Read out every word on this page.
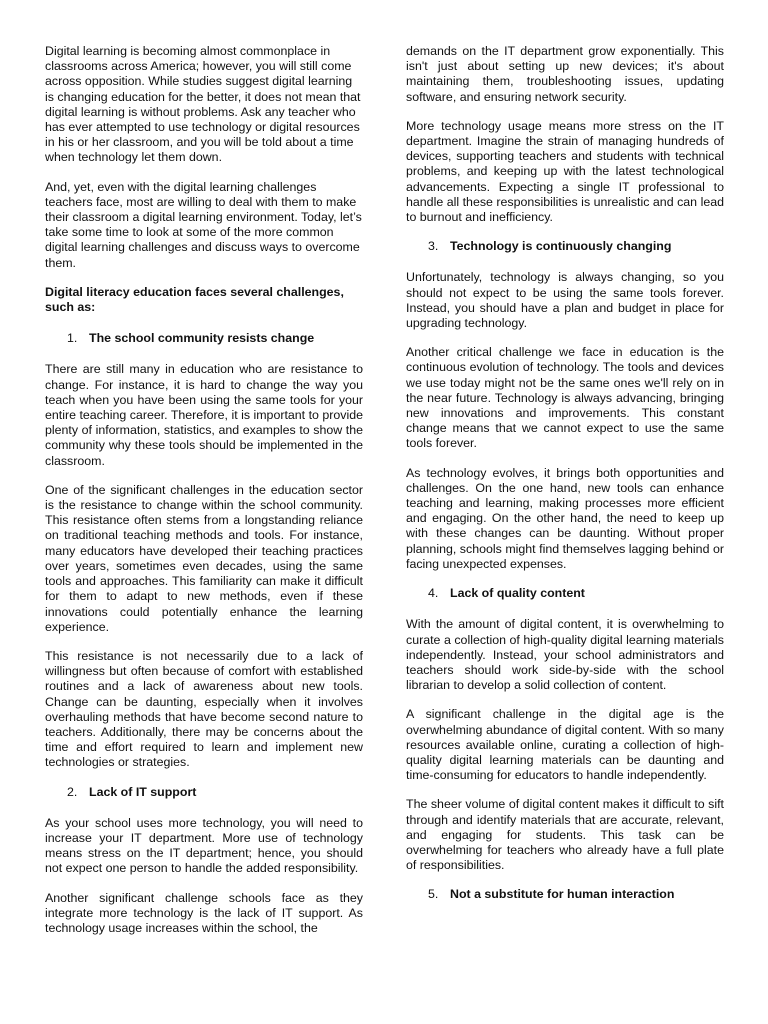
Digital learning is becoming almost commonplace in classrooms across America; however, you will still come across opposition. While studies suggest digital learning is changing education for the better, it does not mean that digital learning is without problems. Ask any teacher who has ever attempted to use technology or digital resources in his or her classroom, and you will be told about a time when technology let them down.

And, yet, even with the digital learning challenges teachers face, most are willing to deal with them to make their classroom a digital learning environment. Today, let’s take some time to look at some of the more common digital learning challenges and discuss ways to overcome them.

Digital literacy education faces several challenges, such as:

1. The school community resists change

There are still many in education who are resistance to change. For instance, it is hard to change the way you teach when you have been using the same tools for your entire teaching career. Therefore, it is important to provide plenty of information, statistics, and examples to show the community why these tools should be implemented in the classroom.

One of the significant challenges in the education sector is the resistance to change within the school community. This resistance often stems from a longstanding reliance on traditional teaching methods and tools. For instance, many educators have developed their teaching practices over years, sometimes even decades, using the same tools and approaches. This familiarity can make it difficult for them to adapt to new methods, even if these innovations could potentially enhance the learning experience.

This resistance is not necessarily due to a lack of willingness but often because of comfort with established routines and a lack of awareness about new tools. Change can be daunting, especially when it involves overhauling methods that have become second nature to teachers. Additionally, there may be concerns about the time and effort required to learn and implement new technologies or strategies.

2. Lack of IT support

As your school uses more technology, you will need to increase your IT department. More use of technology means stress on the IT department; hence, you should not expect one person to handle the added responsibility.

Another significant challenge schools face as they integrate more technology is the lack of IT support. As technology usage increases within the school, the

demands on the IT department grow exponentially. This isn't just about setting up new devices; it's about maintaining them, troubleshooting issues, updating software, and ensuring network security.

More technology usage means more stress on the IT department. Imagine the strain of managing hundreds of devices, supporting teachers and students with technical problems, and keeping up with the latest technological advancements. Expecting a single IT professional to handle all these responsibilities is unrealistic and can lead to burnout and inefficiency.

3. Technology is continuously changing

Unfortunately, technology is always changing, so you should not expect to be using the same tools forever. Instead, you should have a plan and budget in place for upgrading technology.

Another critical challenge we face in education is the continuous evolution of technology. The tools and devices we use today might not be the same ones we'll rely on in the near future. Technology is always advancing, bringing new innovations and improvements. This constant change means that we cannot expect to use the same tools forever.

As technology evolves, it brings both opportunities and challenges. On the one hand, new tools can enhance teaching and learning, making processes more efficient and engaging. On the other hand, the need to keep up with these changes can be daunting. Without proper planning, schools might find themselves lagging behind or facing unexpected expenses.

4. Lack of quality content

With the amount of digital content, it is overwhelming to curate a collection of high-quality digital learning materials independently. Instead, your school administrators and teachers should work side-by-side with the school librarian to develop a solid collection of content.

A significant challenge in the digital age is the overwhelming abundance of digital content. With so many resources available online, curating a collection of high-quality digital learning materials can be daunting and time-consuming for educators to handle independently.

The sheer volume of digital content makes it difficult to sift through and identify materials that are accurate, relevant, and engaging for students. This task can be overwhelming for teachers who already have a full plate of responsibilities.

5. Not a substitute for human interaction
